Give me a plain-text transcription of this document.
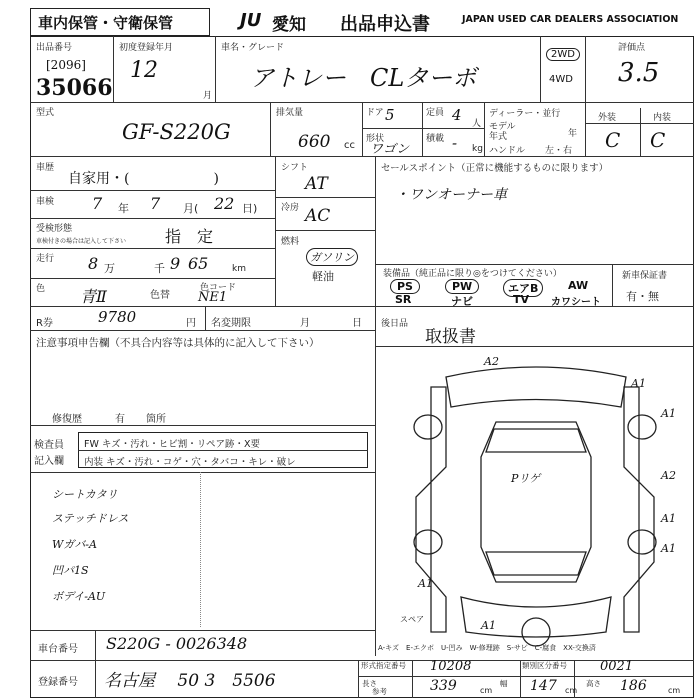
車内保管・守衛保管	JU 愛知 出品申込書	JAPAN USED CAR DEALERS ASSOCIATION
出品番号
[2096]
35066
初度登録年月
12
月
車名・グレード
アトレー　CLターボ
2WD
4WD
評価点
3.5
型式
GF-S220G
排気量
660 cc
ドア 5	定員 4 人
形状
ワゴン
積載 - kg
ディーラー・並行
モデル
年式	年
ハンドル 左・右
外装	内装
C C
車歴
自家用・(　　　　　　)
車検 7 年 7 月( 22 日)
受検形態
車検付きの場合は記入して下さい 指　定
走行 8 万	9
千 65	km
色 青Ⅱ	色替
色コード
NE1
シフト
AT
冷房 AC
燃料
ガソリン
軽油
セールスポイント（正常に機能するものに限ります）
・ワンオーナー車
装備品（純正品に限り◎をつけてください）
PS	PW	エアB	AW
SR	ナビ	TV カワシート
新車保証書
有・無
R券	9780	円 名変期限	月	日 後日品
取扱書
注意事項申告欄（不具合内容等は具体的に記入して下さい）
修復歴	有 箇所
検査員
記入欄
FW キズ・汚れ・ヒビ割・リペア跡・X要
内装 キズ・汚れ・コゲ・穴・タバコ・キレ・破レ
シートカタリ
ステッチドレス
Wガバ-A
凹パ1S
ボデイ-AU
A2
A1
A1
A2
A1
A1
A1
A1
Pリゲ
スペア
A-キズ　E-エクボ　U-凹み　W-修理跡　S-サビ　C-腐食　XX-交換済
車台番号 S220G - 0026348
登録番号 名古屋 　50 3　5506
形式指定番号 10208	類別区分番号	0021
参考
長さ	339	cm
幅 147 cm
高さ 186	cm
